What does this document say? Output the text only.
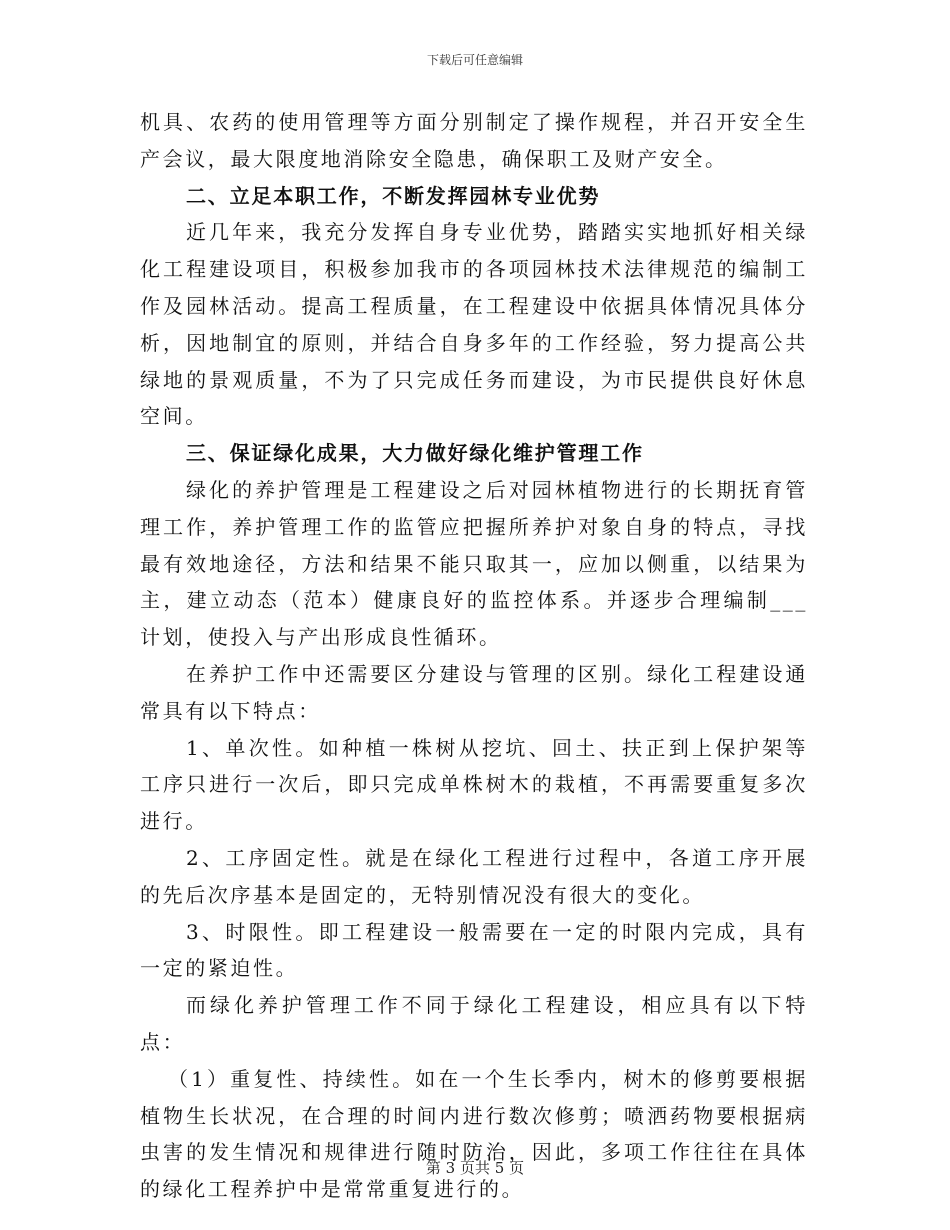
下载后可任意编辑

机具、农药的使用管理等方面分别制定了操作规程，并召开安全生产会议，最大限度地消除安全隐患，确保职工及财产安全。

二、立足本职工作，不断发挥园林专业优势

近几年来，我充分发挥自身专业优势，踏踏实实地抓好相关绿化工程建设项目，积极参加我市的各项园林技术法律规范的编制工作及园林活动。提高工程质量，在工程建设中依据具体情况具体分析，因地制宜的原则，并结合自身多年的工作经验，努力提高公共绿地的景观质量，不为了只完成任务而建设，为市民提供良好休息空间。

三、保证绿化成果，大力做好绿化维护管理工作

绿化的养护管理是工程建设之后对园林植物进行的长期抚育管理工作，养护管理工作的监管应把握所养护对象自身的特点，寻找最有效地途径，方法和结果不能只取其一，应加以侧重，以结果为主，建立动态（范本）健康良好的监控体系。并逐步合理编制___计划，使投入与产出形成良性循环。

在养护工作中还需要区分建设与管理的区别。绿化工程建设通常具有以下特点：

1、单次性。如种植一株树从挖坑、回土、扶正到上保护架等工序只进行一次后，即只完成单株树木的栽植，不再需要重复多次进行。

2、工序固定性。就是在绿化工程进行过程中，各道工序开展的先后次序基本是固定的，无特别情况没有很大的变化。

3、时限性。即工程建设一般需要在一定的时限内完成，具有一定的紧迫性。

而绿化养护管理工作不同于绿化工程建设，相应具有以下特点：

（1）重复性、持续性。如在一个生长季内，树木的修剪要根据植物生长状况，在合理的时间内进行数次修剪；喷洒药物要根据病虫害的发生情况和规律进行随时防治，因此，多项工作往往在具体的绿化工程养护中是常常重复进行的。

第 3 页共 5 页
